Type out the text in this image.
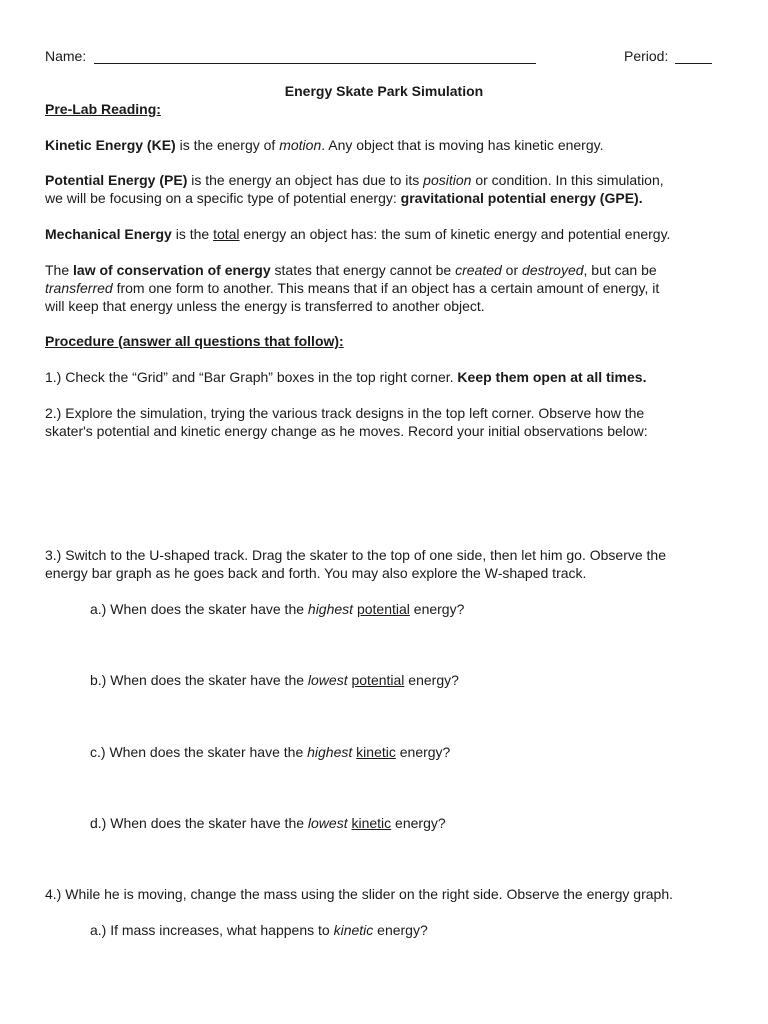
Name:	Period:
Energy Skate Park Simulation
Pre-Lab Reading:
Kinetic Energy (KE) is the energy of motion. Any object that is moving has kinetic energy.
Potential Energy (PE) is the energy an object has due to its position or condition. In this simulation,
we will be focusing on a specific type of potential energy: gravitational potential energy (GPE).
Mechanical Energy is the total energy an object has: the sum of kinetic energy and potential energy.
The law of conservation of energy states that energy cannot be created or destroyed, but can be
transferred from one form to another. This means that if an object has a certain amount of energy, it
will keep that energy unless the energy is transferred to another object.
Procedure (answer all questions that follow):
1.) Check the “Grid” and “Bar Graph” boxes in the top right corner. Keep them open at all times.
2.) Explore the simulation, trying the various track designs in the top left corner. Observe how the
skater's potential and kinetic energy change as he moves. Record your initial observations below:
3.) Switch to the U-shaped track. Drag the skater to the top of one side, then let him go. Observe the
energy bar graph as he goes back and forth. You may also explore the W-shaped track.
a.) When does the skater have the highest potential energy?
b.) When does the skater have the lowest potential energy?
c.) When does the skater have the highest kinetic energy?
d.) When does the skater have the lowest kinetic energy?
4.) While he is moving, change the mass using the slider on the right side. Observe the energy graph.
a.) If mass increases, what happens to kinetic energy?
